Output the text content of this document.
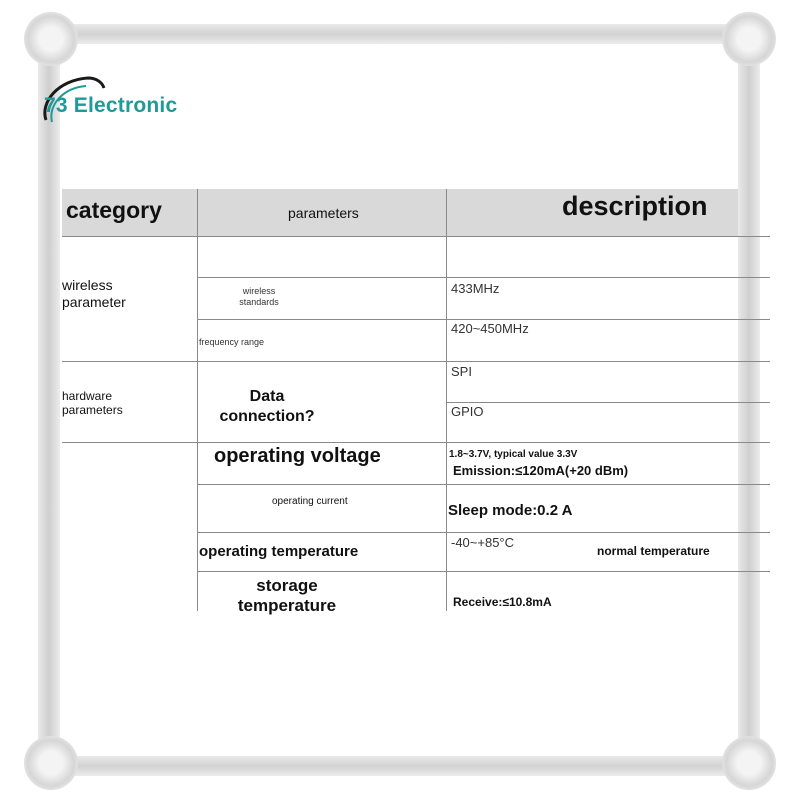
73 Electronic
category	parameters	description
wireless parameter
hardware parameters
wireless standards
frequency range
Data connection?
operating voltage
operating current
operating temperature
storage temperature
433MHz
420~450MHz
SPI
GPIO
1.8~3.7V, typical value 3.3V
Emission:≤120mA(+20 dBm)
Sleep mode:0.2 A
-40~+85°C
normal temperature
Receive:≤10.8mA
